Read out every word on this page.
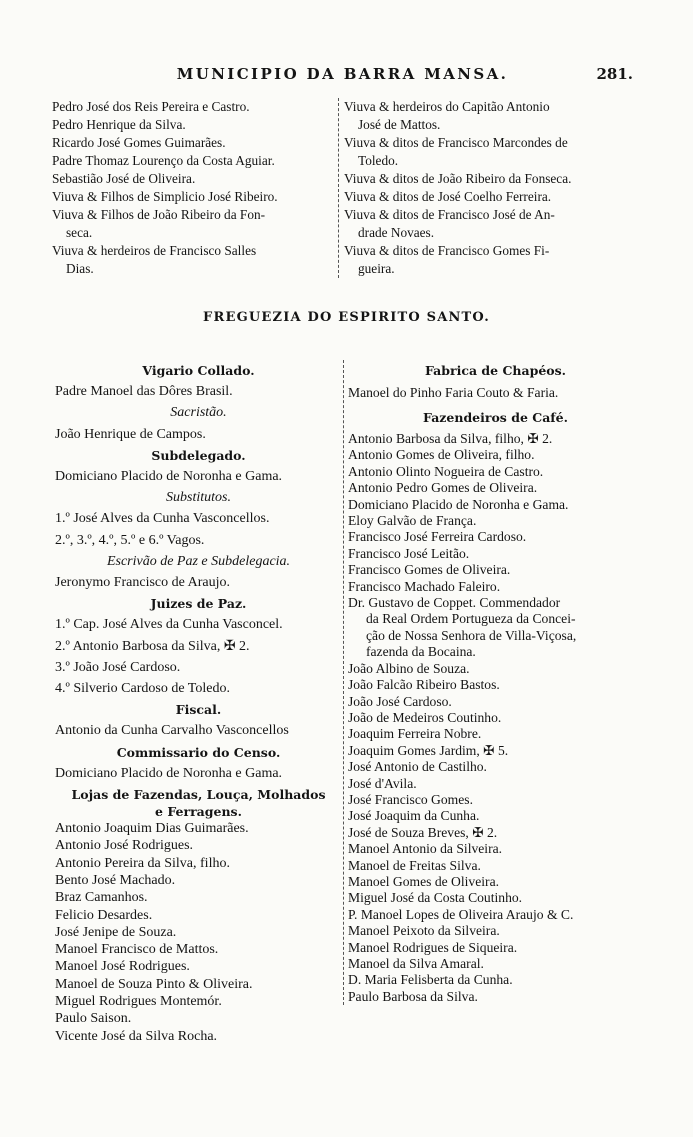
MUNICIPIO DA BARRA MANSA.	281.
Pedro José dos Reis Pereira e Castro.
Pedro Henrique da Silva.
Ricardo José Gomes Guimarães.
Padre Thomaz Lourenço da Costa Aguiar.
Sebastião José de Oliveira.
Viuva & Filhos de Simplicio José Ribeiro.
Viuva & Filhos de João Ribeiro da Fon-
seca.
Viuva & herdeiros de Francisco Salles
Dias.
Viuva & herdeiros do Capitão Antonio
José de Mattos.
Viuva & ditos de Francisco Marcondes de
Toledo.
Viuva & ditos de João Ribeiro da Fonseca.
Viuva & ditos de José Coelho Ferreira.
Viuva & ditos de Francisco José de An-
drade Novaes.
Viuva & ditos de Francisco Gomes Fi-
gueira.
FREGUEZIA DO ESPIRITO SANTO.
Vigario Collado.
Padre Manoel das Dôres Brasil.
Sacristão.
João Henrique de Campos.
Subdelegado.
Domiciano Placido de Noronha e Gama.
Substitutos.
1.º José Alves da Cunha Vasconcellos.
2.º, 3.º, 4.º, 5.º e 6.º Vagos.
Escrivão de Paz e Subdelegacia.
Jeronymo Francisco de Araujo.
Juizes de Paz.
1.º Cap. José Alves da Cunha Vasconcel.
2.º Antonio Barbosa da Silva, ✠ 2.
3.º João José Cardoso.
4.º Silverio Cardoso de Toledo.
Fiscal.
Antonio da Cunha Carvalho Vasconcellos
Commissario do Censo.
Domiciano Placido de Noronha e Gama.
Lojas de Fazendas, Louça, Molhados
e Ferragens.
Antonio Joaquim Dias Guimarães.
Antonio José Rodrigues.
Antonio Pereira da Silva, filho.
Bento José Machado.
Braz Camanhos.
Felicio Desardes.
José Jenipe de Souza.
Manoel Francisco de Mattos.
Manoel José Rodrigues.
Manoel de Souza Pinto & Oliveira.
Miguel Rodrigues Montemór.
Paulo Saison.
Vicente José da Silva Rocha.
Fabrica de Chapéos.
Manoel do Pinho Faria Couto & Faria.
Fazendeiros de Café.
Antonio Barbosa da Silva, filho, ✠ 2.
Antonio Gomes de Oliveira, filho.
Antonio Olinto Nogueira de Castro.
Antonio Pedro Gomes de Oliveira.
Domiciano Placido de Noronha e Gama.
Eloy Galvão de França.
Francisco José Ferreira Cardoso.
Francisco José Leitão.
Francisco Gomes de Oliveira.
Francisco Machado Faleiro.
Dr. Gustavo de Coppet. Commendador
da Real Ordem Portugueza da Concei-
ção de Nossa Senhora de Villa-Viçosa,
fazenda da Bocaina.
João Albino de Souza.
João Falcão Ribeiro Bastos.
João José Cardoso.
João de Medeiros Coutinho.
Joaquim Ferreira Nobre.
Joaquim Gomes Jardim, ✠ 5.
José Antonio de Castilho.
José d'Avila.
José Francisco Gomes.
José Joaquim da Cunha.
José de Souza Breves, ✠ 2.
Manoel Antonio da Silveira.
Manoel de Freitas Silva.
Manoel Gomes de Oliveira.
Miguel José da Costa Coutinho.
P. Manoel Lopes de Oliveira Araujo & C.
Manoel Peixoto da Silveira.
Manoel Rodrigues de Siqueira.
Manoel da Silva Amaral.
D. Maria Felisberta da Cunha.
Paulo Barbosa da Silva.
